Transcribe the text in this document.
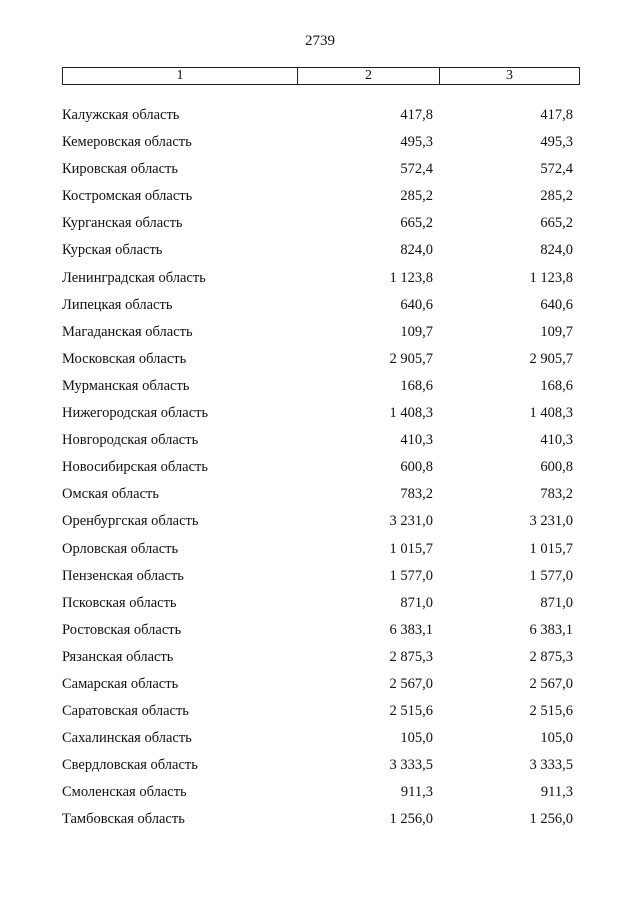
2739
1	2	3
Калужская область	417,8	417,8
Кемеровская область	495,3	495,3
Кировская область	572,4	572,4
Костромская область	285,2	285,2
Курганская область	665,2	665,2
Курская область	824,0	824,0
Ленинградская область	1 123,8	1 123,8
Липецкая область	640,6	640,6
Магаданская область	109,7	109,7
Московская область	2 905,7	2 905,7
Мурманская область	168,6	168,6
Нижегородская область	1 408,3	1 408,3
Новгородская область	410,3	410,3
Новосибирская область	600,8	600,8
Омская область	783,2	783,2
Оренбургская область	3 231,0	3 231,0
Орловская область	1 015,7	1 015,7
Пензенская область	1 577,0	1 577,0
Псковская область	871,0	871,0
Ростовская область	6 383,1	6 383,1
Рязанская область	2 875,3	2 875,3
Самарская область	2 567,0	2 567,0
Саратовская область	2 515,6	2 515,6
Сахалинская область	105,0	105,0
Свердловская область	3 333,5	3 333,5
Смоленская область	911,3	911,3
Тамбовская область	1 256,0	1 256,0
